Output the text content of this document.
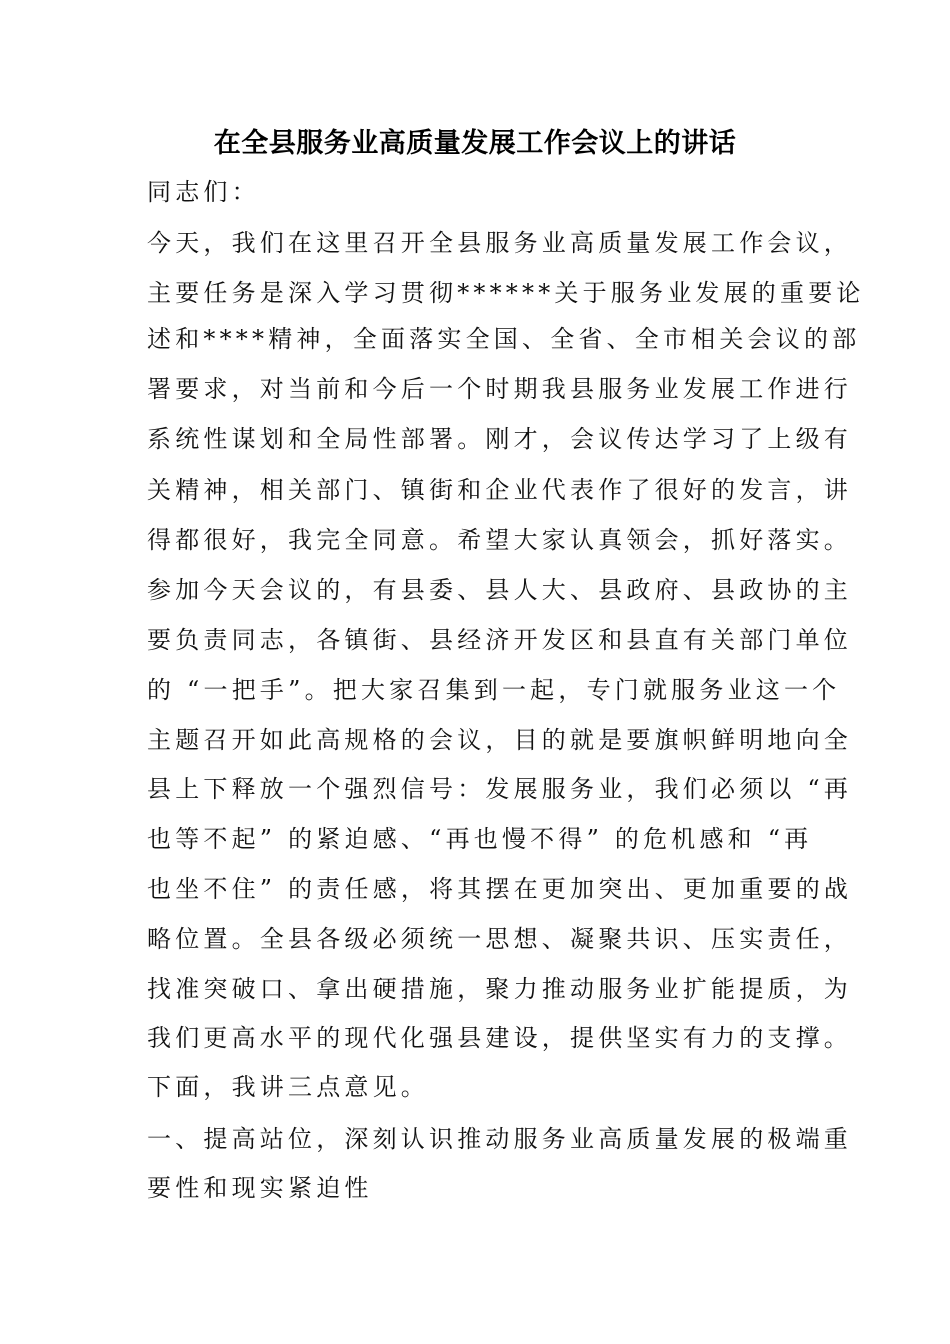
在全县服务业高质量发展工作会议上的讲话

同志们：

今天，我们在这里召开全县服务业高质量发展工作会议，

主要任务是深入学习贯彻******关于服务业发展的重要论

述和****精神，全面落实全国、全省、全市相关会议的部

署要求，对当前和今后一个时期我县服务业发展工作进行

系统性谋划和全局性部署。刚才，会议传达学习了上级有

关精神，相关部门、镇街和企业代表作了很好的发言，讲

得都很好，我完全同意。希望大家认真领会，抓好落实。

参加今天会议的，有县委、县人大、县政府、县政协的主

要负责同志，各镇街、县经济开发区和县直有关部门单位

的 “一把手”。把大家召集到一起，专门就服务业这一个

主题召开如此高规格的会议，目的就是要旗帜鲜明地向全

县上下释放一个强烈信号：发展服务业，我们必须以 “再

也等不起” 的紧迫感、“再也慢不得” 的危机感和 “再

也坐不住” 的责任感，将其摆在更加突出、更加重要的战

略位置。全县各级必须统一思想、凝聚共识、压实责任，

找准突破口、拿出硬措施，聚力推动服务业扩能提质，为

我们更高水平的现代化强县建设，提供坚实有力的支撑。

下面，我讲三点意见。

一、提高站位，深刻认识推动服务业高质量发展的极端重

要性和现实紧迫性
